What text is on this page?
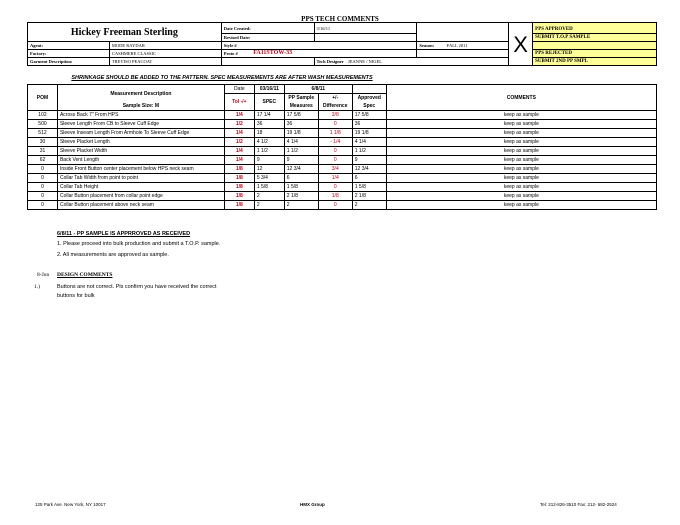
PPS TECH COMMENTS
Hickey Freeman Sterling		Date Created:		3/16/11				X	PPS APPROVED
		Revised Date:							SUBMIT T.O.P SAMPLE
Agent:	MODE RAYDAR	Style #				Season:	FALL 2011		
Factory:	CASHMERE CLASSIC	Proto #	FA11STOW-33						PPS REJECTED
Garment Description:	TREVISO PEACOAT			Tech Designer	JEANNE / NIGEL				SUBMIT 2ND PP SMPL
SHRINKAGE SHOULD BE ADDED TO THE PATTERN. SPEC MEASUREMENTS ARE AFTER WASH MEASUREMENTS
POM	Measurement Description	Date	03/16/11	6/8/11			COMMENTS
		Tol -/+	SPEC	PP Sample	+/-	Approved	
	Sample Size: M			Measures	Difference	Spec	
102	Across Back 7" From HPS	1/4	17 1/4	17 5/8	3/8	17 5/8	keep as sample
500	Sleeve Length From CB to Sleeve Cuff Edge	1/2	36	36	0	36	keep as sample
512	Sleeve Inseam Length From Armhole To Sleeve Cuff Edge	1/4	18	19 1/8	1 1/8	19 1/8	keep as sample
30	Sleeve Placket Length	1/2	4 1/2	4 1/4	- 1/4	4 1/4	keep as sample
31	Sleeve Placket Width	1/4	1 1/2	1 1/2	0	1 1/2	keep as sample
62	Back Vent Length	1/4	9	9	0	9	keep as sample
0	Inside Front Button center placement below HPS neck seam	1/8	12	12 3/4	3/4	12 3/4	keep as sample
0	Collar Tab Width from point to point	1/8	5 3/4	6	1/4	6	keep as sample
0	Collar Tab Height	1/8	1 5/8	1 5/8	0	1 5/8	keep as sample
0	Collar Button placement from collar point edge	1/8	2	2 1/8	1/8	2 1/8	keep as sample
0	Collar Button placement above neck seam	1/8	2	2	0	2	keep as sample
6/8/11 - PP SAMPLE IS APPRROVED AS RECEIVED
1. Please proceed into bulk production and submit a T.O.P. sample.
2. All measurements are approved as sample.
8-Jun DESIGN COMMENTS
1.)	Buttons are not correct. Pls confirm you have received the correct
buttons for bulk
125 Park Ave. New York, NY 10017	HMX Group	Tel: 212-826-3510 Fax: 212- 682-2524
